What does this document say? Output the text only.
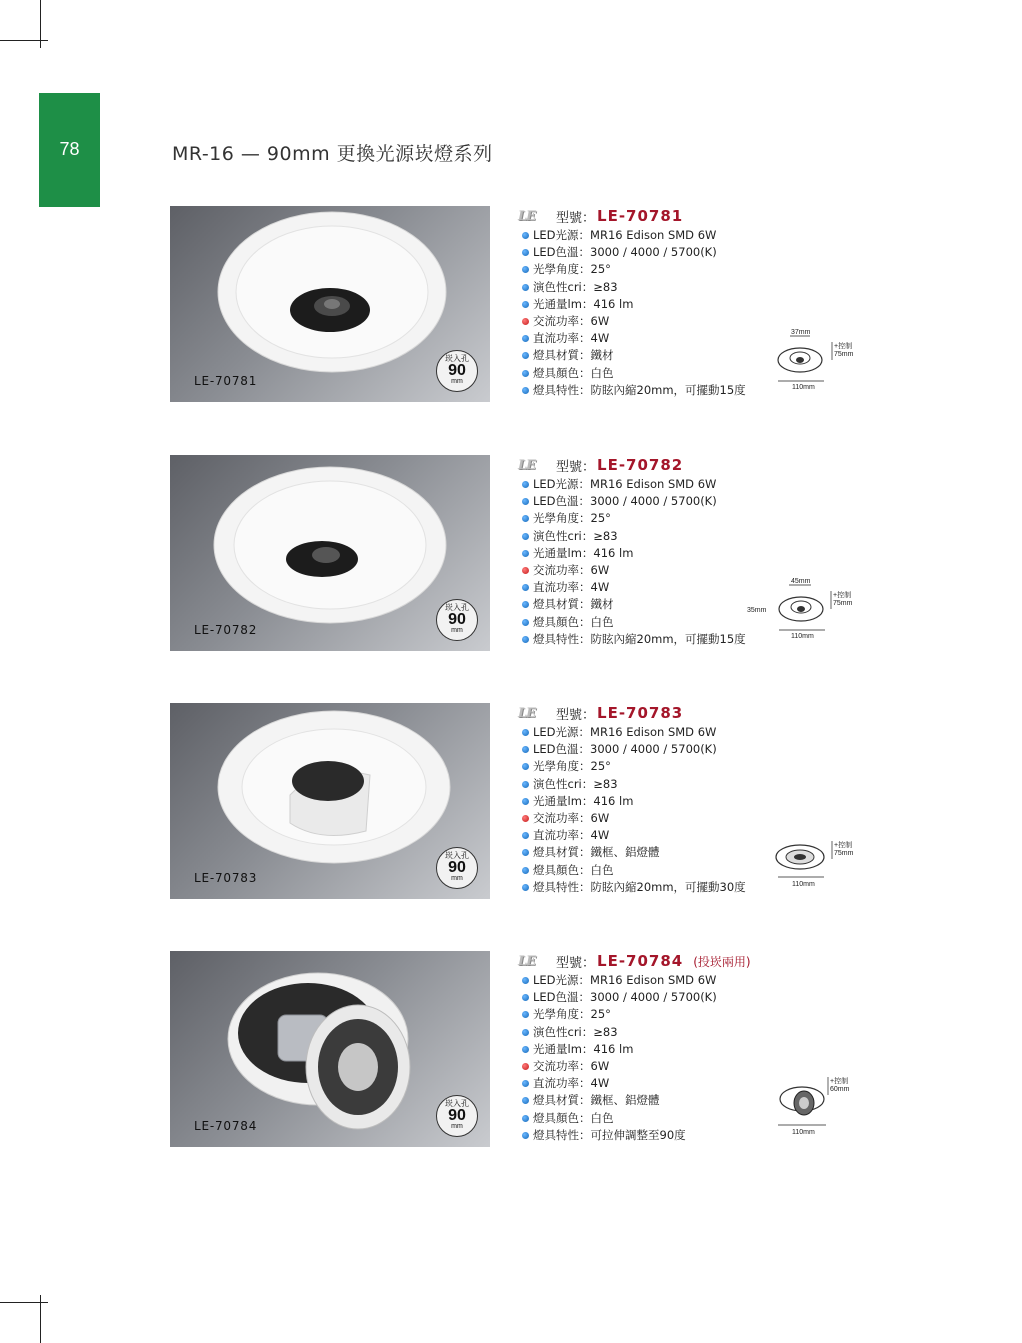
78	MR-16 — 90mm 更換光源崁燈系列
LE-70781
崁入孔
90
mm
LE	型號： LE-70781
LED光源：MR16 Edison SMD 6W
LED色溫：3000 / 4000 / 5700(K)
光學角度：25°
演色性cri：≥83
光通量lm：416 lm
交流功率：6W
直流功率：4W
燈具材質：鐵材
燈具顏色：白色
燈具特性：防眩內縮20mm，可擺動15度
37mm
+控制
75mm
110mm
LE-70782
崁入孔
90
mm
LE	型號： LE-70782
LED光源：MR16 Edison SMD 6W
LED色溫：3000 / 4000 / 5700(K)
光學角度：25°
演色性cri：≥83
光通量lm：416 lm
交流功率：6W
直流功率：4W
燈具材質：鐵材
燈具顏色：白色
燈具特性：防眩內縮20mm，可擺動15度
45mm
35mm
+控制
75mm
110mm
LE-70783
崁入孔
90
mm
LE	型號： LE-70783
LED光源：MR16 Edison SMD 6W
LED色溫：3000 / 4000 / 5700(K)
光學角度：25°
演色性cri：≥83
光通量lm：416 lm
交流功率：6W
直流功率：4W
燈具材質：鐵框、鋁燈體
燈具顏色：白色
燈具特性：防眩內縮20mm，可擺動30度
+控制
75mm
110mm
LE-70784
崁入孔
90
mm
LE	型號： LE-70784 (投崁兩用)
LED光源：MR16 Edison SMD 6W
LED色溫：3000 / 4000 / 5700(K)
光學角度：25°
演色性cri：≥83
光通量lm：416 lm
交流功率：6W
直流功率：4W
燈具材質：鐵框、鋁燈體
燈具顏色：白色
燈具特性：可拉伸調整至90度
+控制
60mm
110mm
